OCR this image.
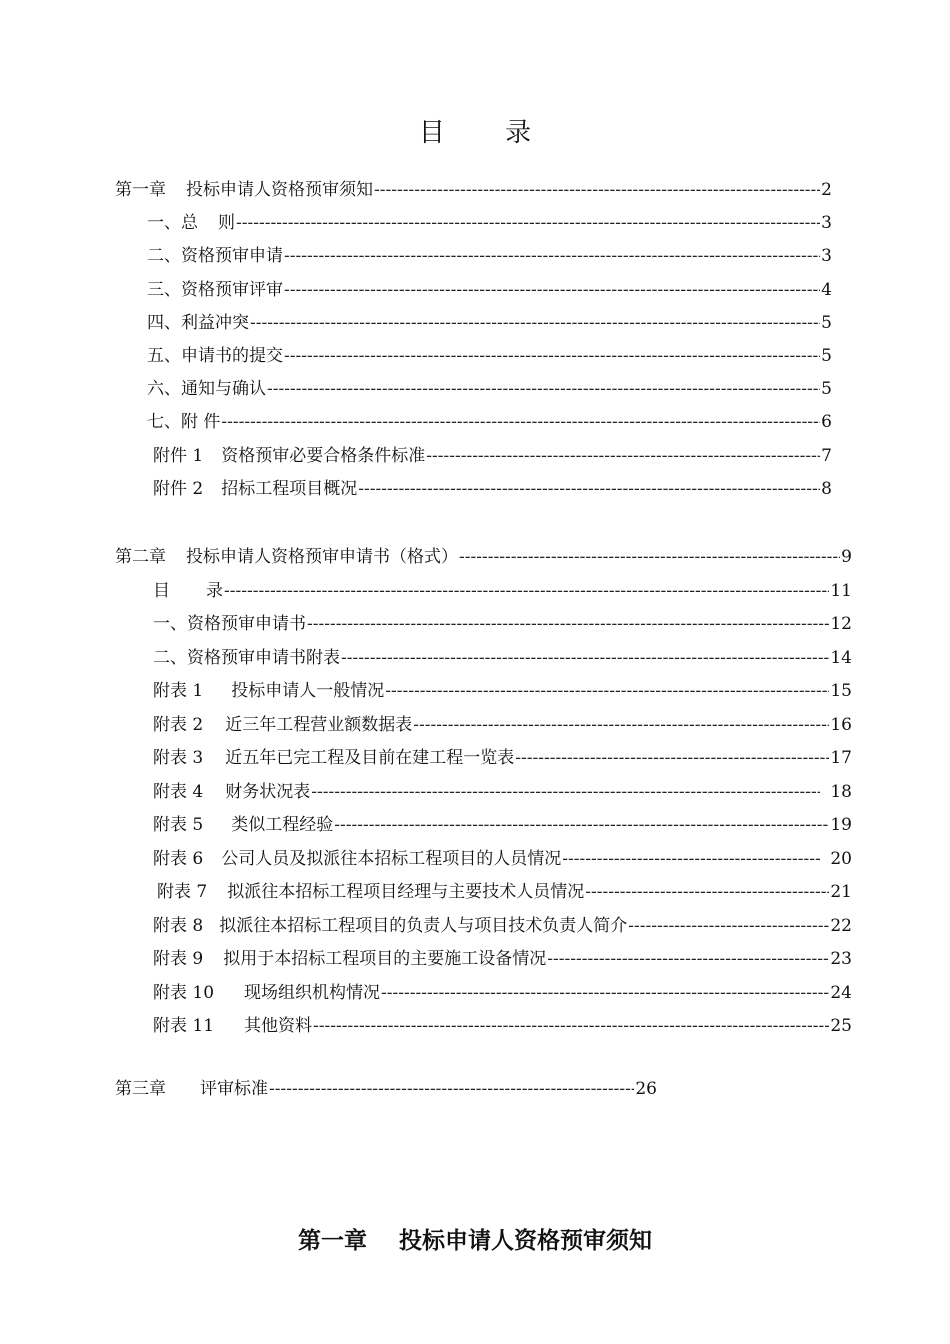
目 录
第一章 投标申请人资格预审须知 -----	2
一、总 则 -----	3
二、资格预审申请 -----	3
三、资格预审评审 -----	4
四、利益冲突 -----	5
五、申请书的提交 -----	5
六、通知与确认 -----	5
七、附 件 -----	6
附件 1 资格预审必要合格条件标准 -----	7
附件 2 招标工程项目概况 -----	8
第二章 投标申请人资格预审申请书（格式） -----	9
目 录 -----	11
一、资格预审申请书 -----	12
二、资格预审申请书附表 -----	14
附表 1 投标申请人一般情况 -----	15
附表 2 近三年工程营业额数据表 -----	16
附表 3 近五年已完工程及目前在建工程一览表 -----	17
附表 4 财务状况表 -----	18
附表 5 类似工程经验 -----	19
附表 6 公司人员及拟派往本招标工程项目的人员情况 -----	20
附表 7 拟派往本招标工程项目经理与主要技术人员情况 -----	21
附表 8 拟派往本招标工程项目的负责人与项目技术负责人简介 -----	22
附表 9 拟用于本招标工程项目的主要施工设备情况 -----	23
附表 10 现场组织机构情况 -----	24
附表 11 其他资料 -----	25
第三章 评审标准 -----	26
第一章    投标申请人资格预审须知
